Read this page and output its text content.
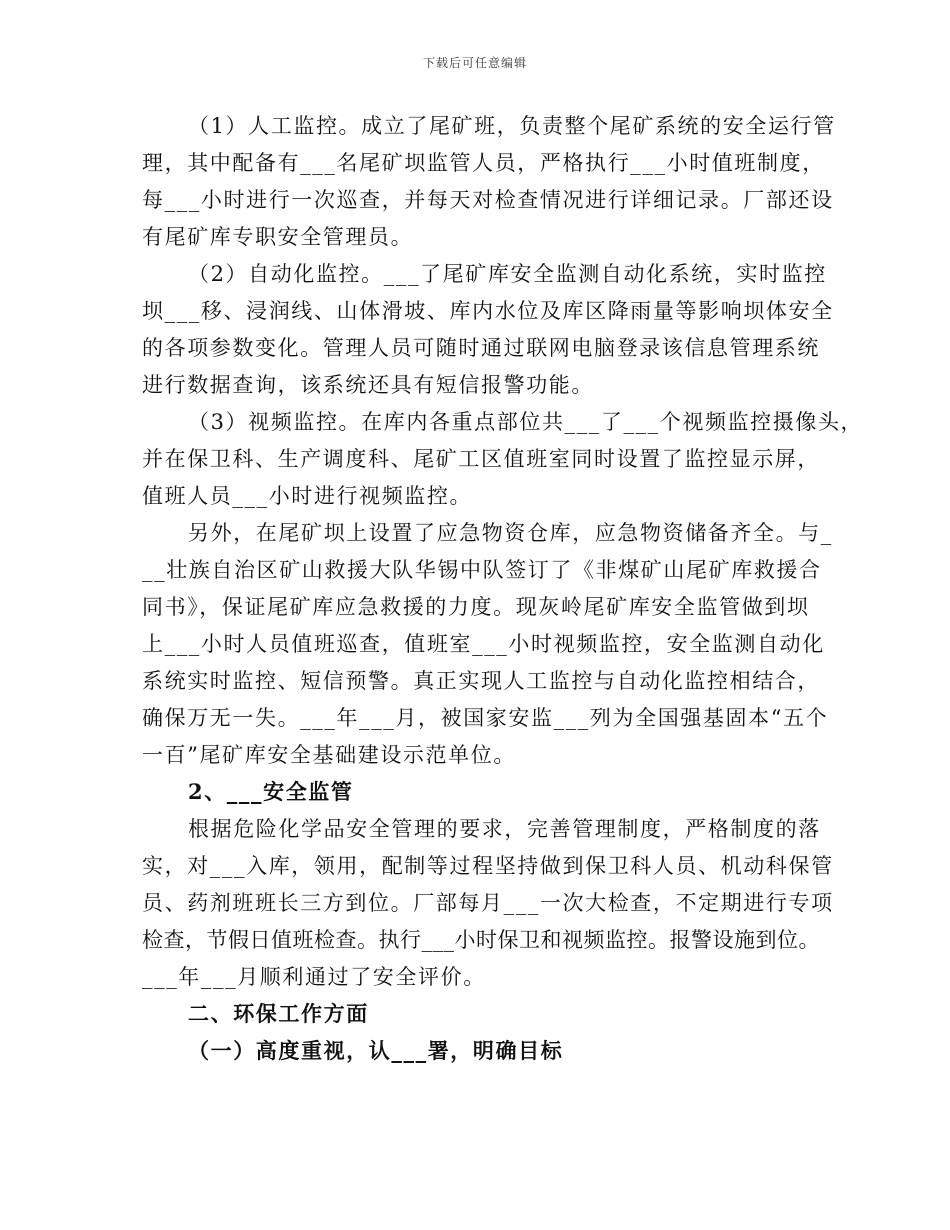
下载后可任意编辑
（1）人工监控。成立了尾矿班，负责整个尾矿系统的安全运行管
理，其中配备有___名尾矿坝监管人员，严格执行___小时值班制度，
每___小时进行一次巡查，并每天对检查情况进行详细记录。厂部还设
有尾矿库专职安全管理员。
（2）自动化监控。___了尾矿库安全监测自动化系统，实时监控
坝___移、浸润线、山体滑坡、库内水位及库区降雨量等影响坝体安全
的各项参数变化。管理人员可随时通过联网电脑登录该信息管理系统
进行数据查询，该系统还具有短信报警功能。
（3）视频监控。在库内各重点部位共___了___个视频监控摄像头，
并在保卫科、生产调度科、尾矿工区值班室同时设置了监控显示屏，
值班人员___小时进行视频监控。
另外，在尾矿坝上设置了应急物资仓库，应急物资储备齐全。与_
__壮族自治区矿山救援大队华锡中队签订了《非煤矿山尾矿库救援合
同书》，保证尾矿库应急救援的力度。现灰岭尾矿库安全监管做到坝
上___小时人员值班巡查，值班室___小时视频监控，安全监测自动化
系统实时监控、短信预警。真正实现人工监控与自动化监控相结合，
确保万无一失。___年___月，被国家安监___列为全国强基固本“五个
一百”尾矿库安全基础建设示范单位。
2、___安全监管
根据危险化学品安全管理的要求，完善管理制度，严格制度的落
实，对___入库，领用，配制等过程坚持做到保卫科人员、机动科保管
员、药剂班班长三方到位。厂部每月___一次大检查，不定期进行专项
检查，节假日值班检查。执行___小时保卫和视频监控。报警设施到位。
___年___月顺利通过了安全评价。
二、环保工作方面
（一）高度重视，认___署，明确目标
